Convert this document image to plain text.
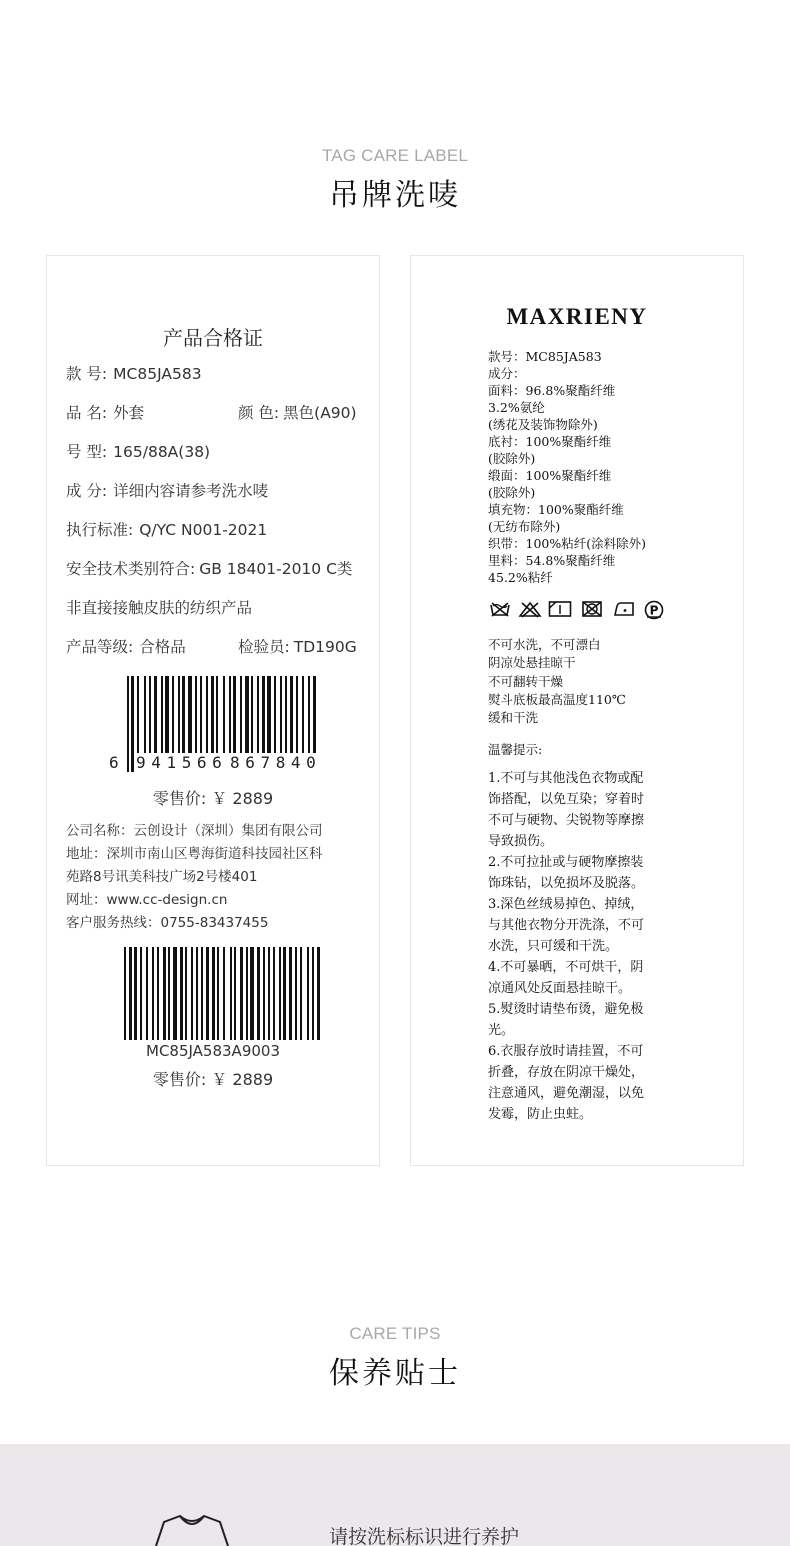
TAG CARE LABEL
吊牌洗唛
产品合格证
款 号: MC85JA583
品 名: 外套	颜 色: 黑色(A90)
号 型: 165/88A(38)
成 分: 详细内容请参考洗水唛
执行标准: Q/YC N001-2021
安全技术类别符合: GB 18401-2010 C类
非直接接触皮肤的纺织产品
产品等级: 合格品	检验员: TD190G
6 941566 867840
零售价: ￥ 2889
公司名称：云创设计（深圳）集团有限公司
地址：深圳市南山区粤海街道科技园社区科
苑路8号讯美科技广场2号楼401
网址：www.cc-design.cn
客户服务热线：0755-83437455
MC85JA583A9003
零售价: ￥ 2889
MAXRIENY
款号：MC85JA583
成分：
面料：96.8%聚酯纤维
3.2%氨纶
(绣花及装饰物除外)
底衬：100%聚酯纤维
(胶除外)
缎面：100%聚酯纤维
(胶除外)
填充物：100%聚酯纤维
(无纺布除外)
织带：100%粘纤(涂料除外)
里料：54.8%聚酯纤维
45.2%粘纤
P
不可水洗，不可漂白
阴凉处悬挂晾干
不可翻转干燥
熨斗底板最高温度110℃
缓和干洗
温馨提示:
1.不可与其他浅色衣物或配
饰搭配，以免互染；穿着时
不可与硬物、尖锐物等摩擦
导致损伤。
2.不可拉扯或与硬物摩擦装
饰珠钻，以免损坏及脱落。
3.深色丝绒易掉色、掉绒，
与其他衣物分开洗涤，不可
水洗，只可缓和干洗。
4.不可暴晒，不可烘干，阴
凉通风处反面悬挂晾干。
5.熨烫时请垫布烫，避免极
光。
6.衣服存放时请挂置，不可
折叠，存放在阴凉干燥处，
注意通风，避免潮湿，以免
发霉，防止虫蛀。
CARE TIPS
保养贴士
请按洗标标识进行养护
